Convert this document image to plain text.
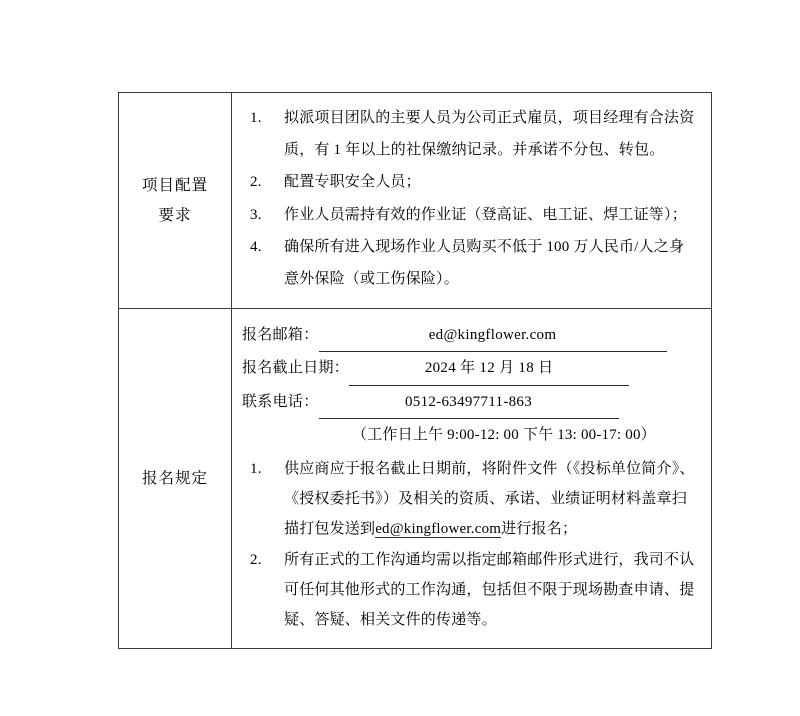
项目配置
要求

1. 拟派项目团队的主要人员为公司正式雇员，项目经理有合法资质，有 1 年以上的社保缴纳记录。并承诺不分包、转包。
2. 配置专职安全人员；
3. 作业人员需持有效的作业证（登高证、电工证、焊工证等）；
4. 确保所有进入现场作业人员购买不低于 100 万人民币/人之身意外保险（或工伤保险）。

报名规定

报名邮箱：	ed@kingflower.com
报名截止日期：	2024 年 12 月 18 日
联系电话：	0512-63497711-863
（工作日上午 9:00-12: 00 下午 13: 00-17: 00）
1. 供应商应于报名截止日期前，将附件文件（《投标单位简介》、《授权委托书》）及相关的资质、承诺、业绩证明材料盖章扫描打包发送到ed@kingflower.com进行报名；
2. 所有正式的工作沟通均需以指定邮箱邮件形式进行，我司不认可任何其他形式的工作沟通，包括但不限于现场勘查申请、提疑、答疑、相关文件的传递等。
